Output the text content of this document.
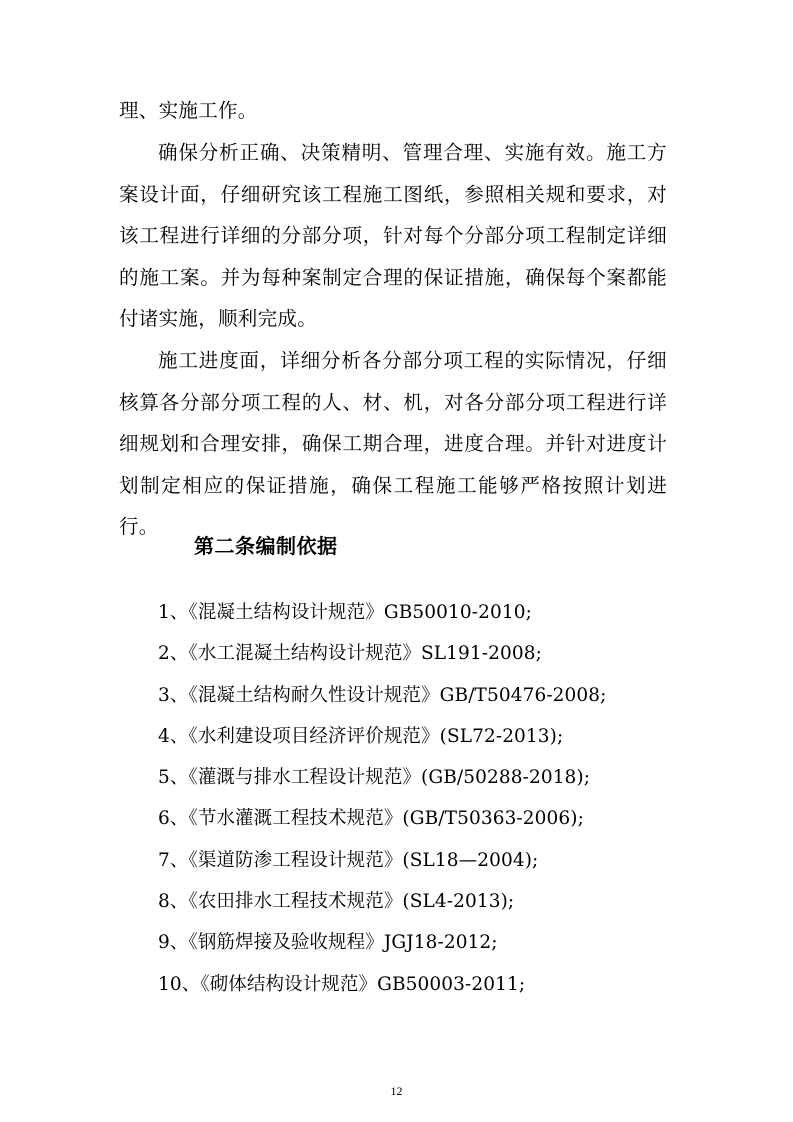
理、实施工作。

确保分析正确、决策精明、管理合理、实施有效。施工方案设计面，仔细研究该工程施工图纸，参照相关规和要求，对该工程进行详细的分部分项，针对每个分部分项工程制定详细的施工案。并为每种案制定合理的保证措施，确保每个案都能付诸实施，顺利完成。

施工进度面，详细分析各分部分项工程的实际情况，仔细核算各分部分项工程的人、材、机，对各分部分项工程进行详细规划和合理安排，确保工期合理，进度合理。并针对进度计划制定相应的保证措施，确保工程施工能够严格按照计划进行。

第二条编制依据
1、《混凝土结构设计规范》GB50010-2010;
2、《水工混凝土结构设计规范》SL191-2008;
3、《混凝土结构耐久性设计规范》GB/T50476-2008;
4、《水利建设项目经济评价规范》(SL72-2013);
5、《灌溉与排水工程设计规范》(GB/50288-2018);
6、《节水灌溉工程技术规范》(GB/T50363-2006);
7、《渠道防渗工程设计规范》(SL18—2004);
8、《农田排水工程技术规范》(SL4-2013);
9、《钢筋焊接及验收规程》JGJ18-2012;
10、《砌体结构设计规范》GB50003-2011;
12
